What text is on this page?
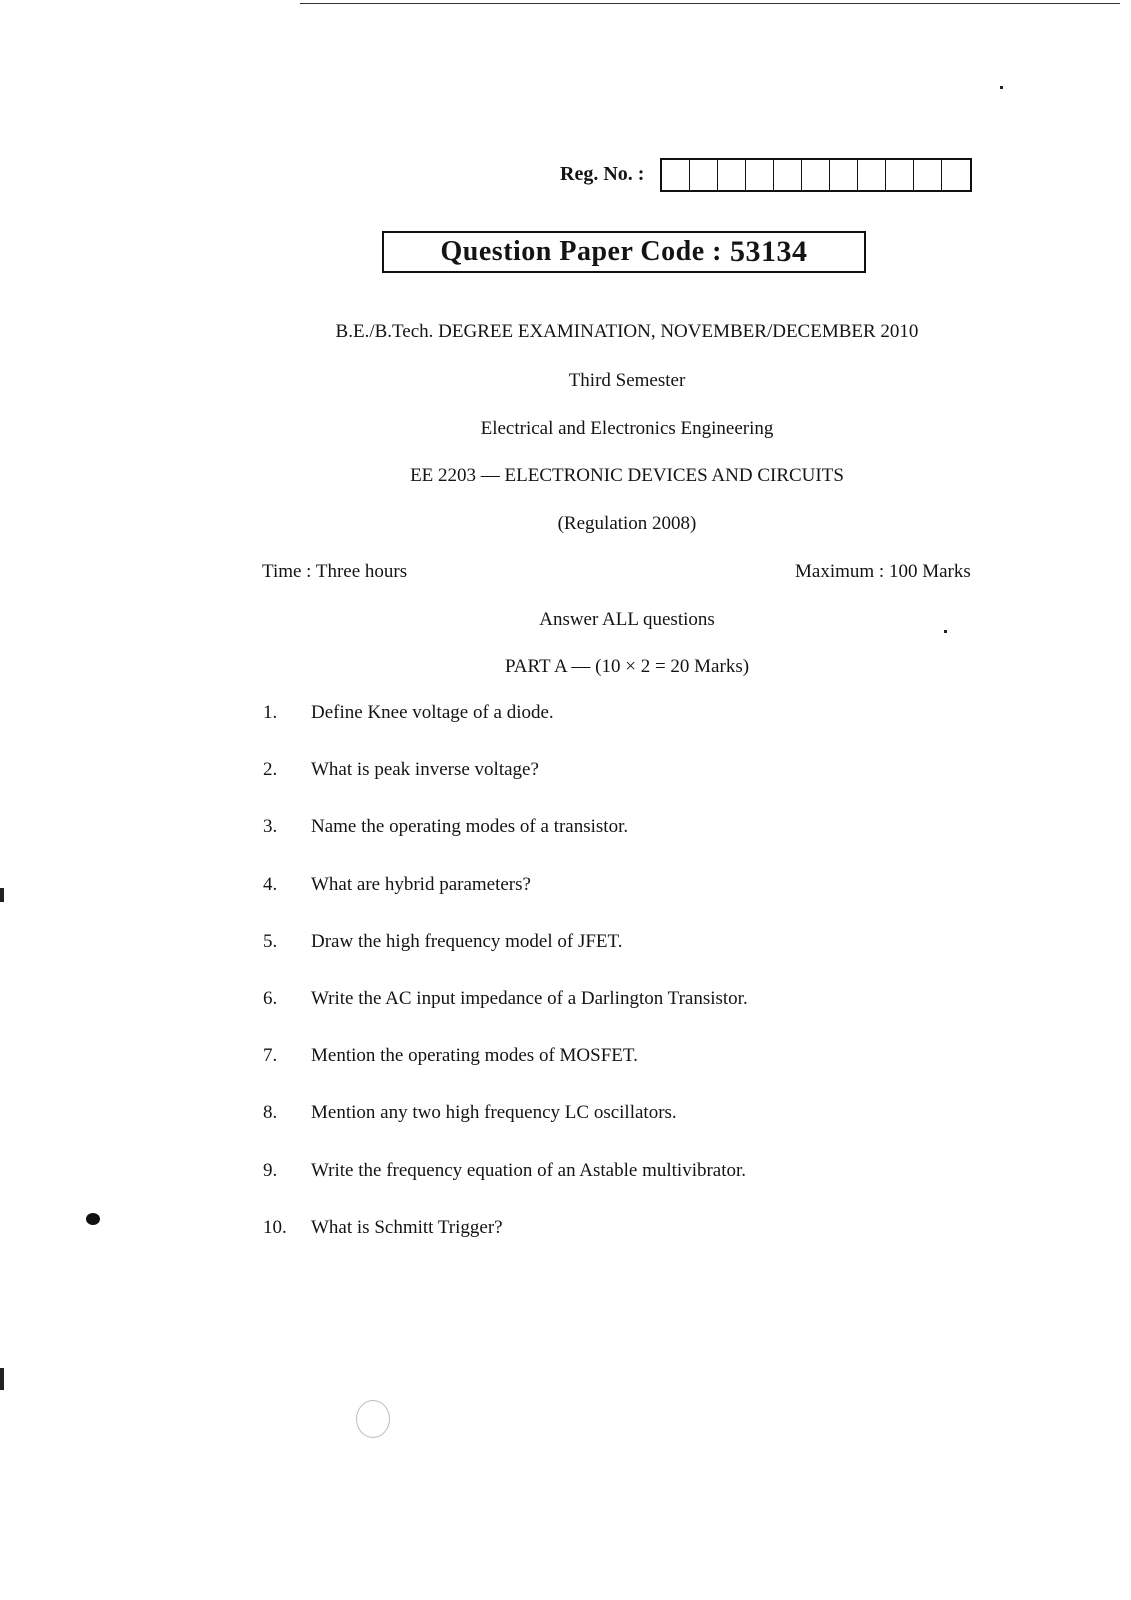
Reg. No. :
Question Paper Code : 53134
B.E./B.Tech. DEGREE EXAMINATION, NOVEMBER/DECEMBER 2010
Third Semester
Electrical and Electronics Engineering
EE 2203 — ELECTRONIC DEVICES AND CIRCUITS
(Regulation 2008)
Time : Three hours	Maximum : 100 Marks
Answer ALL questions
PART A — (10 × 2 = 20 Marks)
1. Define Knee voltage of a diode.
2. What is peak inverse voltage?
3. Name the operating modes of a transistor.
4. What are hybrid parameters?
5. Draw the high frequency model of JFET.
6. Write the AC input impedance of a Darlington Transistor.
7. Mention the operating modes of MOSFET.
8. Mention any two high frequency LC oscillators.
9. Write the frequency equation of an Astable multivibrator.
10. What is Schmitt Trigger?
